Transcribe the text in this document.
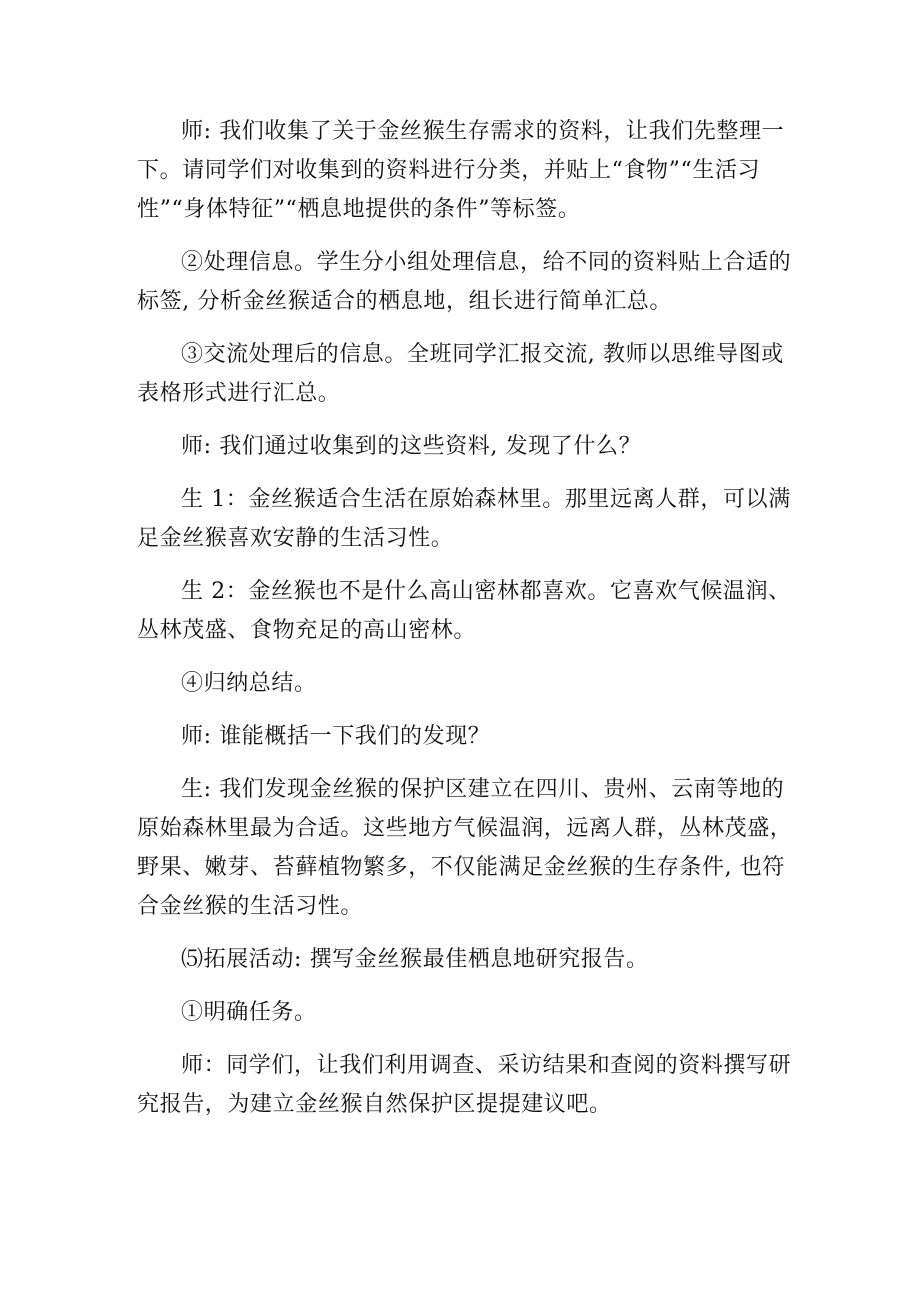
师: 我们收集了关于金丝猴生存需求的资料，让我们先整理一下。请同学们对收集到的资料进行分类，并贴上“食物”“生活习性”“身体特征”“栖息地提供的条件”等标签。

②处理信息。学生分小组处理信息，给不同的资料贴上合适的标签, 分析金丝猴适合的栖息地，组长进行简单汇总。

③交流处理后的信息。全班同学汇报交流, 教师以思维导图或表格形式进行汇总。

师: 我们通过收集到的这些资料, 发现了什么？

生 1：金丝猴适合生活在原始森林里。那里远离人群，可以满足金丝猴喜欢安静的生活习性。

生 2：金丝猴也不是什么高山密林都喜欢。它喜欢气候温润、丛林茂盛、食物充足的高山密林。

④归纳总结。

师: 谁能概括一下我们的发现？

生: 我们发现金丝猴的保护区建立在四川、贵州、云南等地的原始森林里最为合适。这些地方气候温润，远离人群，丛林茂盛，野果、嫩芽、苔藓植物繁多，不仅能满足金丝猴的生存条件, 也符合金丝猴的生活习性。

⑸拓展活动: 撰写金丝猴最佳栖息地研究报告。

①明确任务。

师：同学们，让我们利用调查、采访结果和查阅的资料撰写研究报告，为建立金丝猴自然保护区提提建议吧。
